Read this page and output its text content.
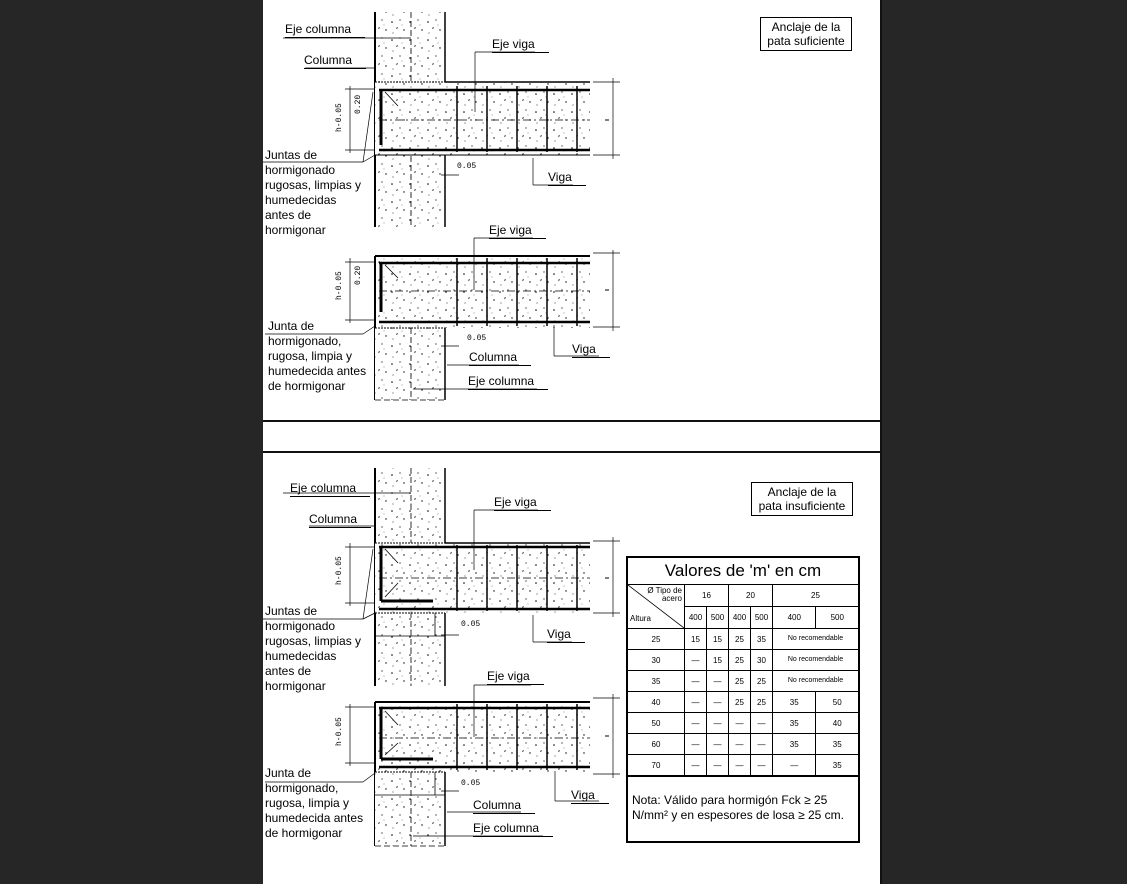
Eje columna
Columna
Eje viga
Viga
h-0.05 0.20
0.05
Juntas de hormigonado rugosas, limpias y humedecidas antes de hormigonar	Eje viga
Viga
Columna
Eje columna
h-0.05 0.20
0.05
Junta de hormigonado, rugosa, limpia y humedecida antes de hormigonar
Anclaje de la pata suficiente
Eje columna
Columna
Eje viga
Viga
h-0.05
0.05
Juntas de hormigonado rugosas, limpias y humedecidas antes de hormigonar
Eje viga
Viga
Columna
Eje columna
h-0.05
0.05
Junta de hormigonado, rugosa, limpia y humedecida antes de hormigonar
Anclaje de la pata insuficiente
Valores de 'm' en cm
Ø Tipo de acero
Altura	16		20		25	
	400	500	400	500	400	500
25	15	15	25	35	No recomendable	
30	—	15	25	30	No recomendable	
35	—	—	25	25	No recomendable	
40	—	—	25	25	35	50
50	—	—	—	—	35	40
60	—	—	—	—	35	35
70	—	—	—	—	—	35
Nota: Válido para hormigón Fck ≥ 25 N/mm² y en espesores de losa ≥ 25 cm.
